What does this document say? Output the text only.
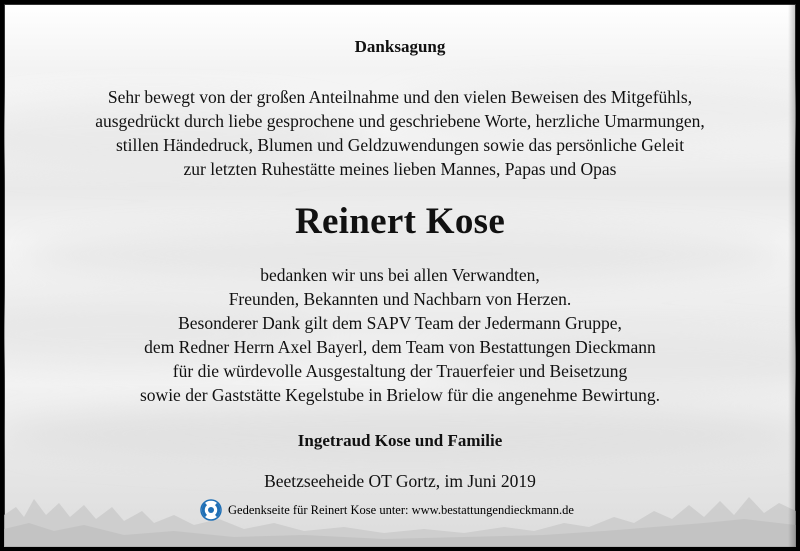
Danksagung
Sehr bewegt von der großen Anteilnahme und den vielen Beweisen des Mitgefühls,
ausgedrückt durch liebe gesprochene und geschriebene Worte, herzliche Umarmungen,
stillen Händedruck, Blumen und Geldzuwendungen sowie das persönliche Geleit
zur letzten Ruhestätte meines lieben Mannes, Papas und Opas
Reinert Kose
bedanken wir uns bei allen Verwandten,
Freunden, Bekannten und Nachbarn von Herzen.
Besonderer Dank gilt dem SAPV Team der Jedermann Gruppe,
dem Redner Herrn Axel Bayerl, dem Team von Bestattungen Dieckmann
für die würdevolle Ausgestaltung der Trauerfeier und Beisetzung
sowie der Gaststätte Kegelstube in Brielow für die angenehme Bewirtung.
Ingetraud Kose und Familie
Beetzseeheide OT Gortz, im Juni 2019
Gedenkseite für Reinert Kose unter: www.bestattungendieckmann.de
